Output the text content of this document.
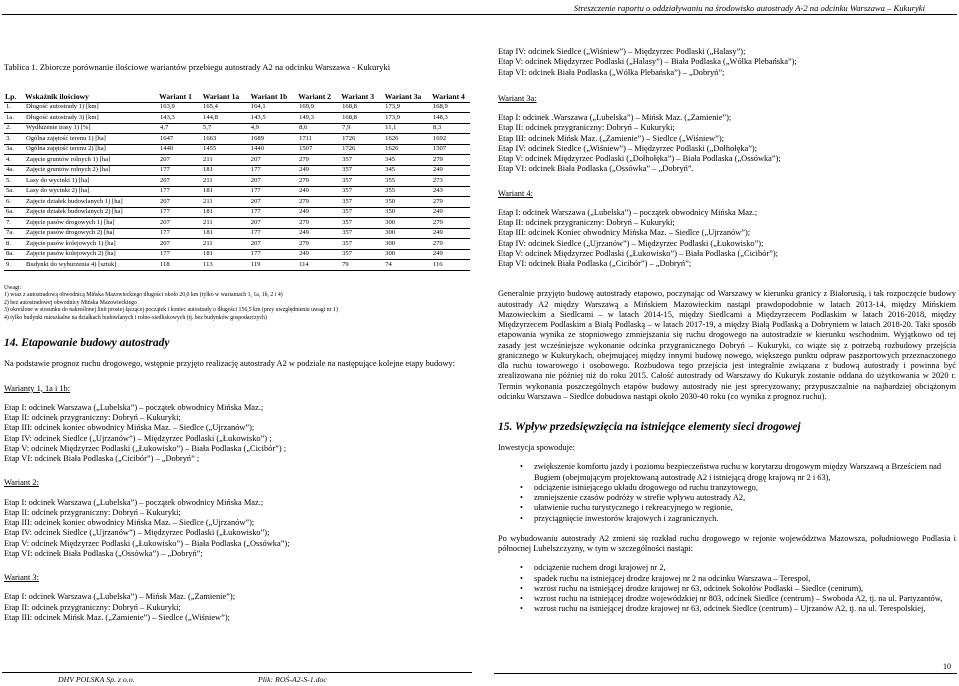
Streszczenie raportu o oddziaływaniu na środowisko autostrady A-2 na odcinku Warszawa – Kukuryki
Tablica 1. Zbiorcze porównanie ilościowe wariantów przebiegu autostrady A2 na odcinku Warszawa - Kukuryki
Lp.	Wskaźnik ilościowy	Wariant 1	Wariant 1a	Wariant 1b	Wariant 2	Wariant 3	Wariant 3a	Wariant 4
1.	Długość autostrady 1) [km]	163,9	165,4	164,1	169,9	168,8	173,9	168,9
1a.	Długość autostrady 3) [km]	143,3	144,8	143,5	149,3	168,8	173,9	148,3
2.	Wydłużenie trasy 1) [%]	4,7	5,7	4,9	8,6	7,9	11,1	8,3
3.	Ogólna zajętość terenu 1) [ha]	1647	1663	1689	1711	1726	1626	1692
3a.	Ogólna zajętość terenu 2) [ha]	1440	1455	1440	1507	1726	1626	1507
4.	Zajęcie gruntów rolnych 1) [ha]	207	211	207	279	357	345	279
4a.	Zajęcie gruntów rolnych 2) [ha]	177	181	177	249	357	345	249
5.	Lasy do wycinki 1) [ha]	207	211	207	279	357	355	273
5a.	Lasy do wycinki 2) [ha]	177	181	177	249	357	355	243
6.	Zajęcie działek budowlanych 1) [ha]	207	211	207	279	357	350	279
6a.	Zajęcie działek budowlanych 2) [ha]	177	181	177	249	357	350	249
7.	Zajęcie pasów drogowych 1) [ha]	207	211	207	279	357	300	279
7a.	Zajęcie pasów drogowych 2) [ha]	177	181	177	249	357	300	249
8.	Zajęcie pasów kolejowych 1) [ha]	207	211	207	279	357	300	279
8a.	Zajęcie pasów kolejowych 2) [ha]	177	181	177	249	357	300	249
9.	Budynki do wyburzenia 4) [sztuk]	118	113	119	114	79	74	116
Uwagi:
1) wraz z autostradową obwodnicą Mińska Mazowieckiego długości około 20,0 km (tylko w wariantach 1, 1a, 1b, 2 i 4)
2) bez autostradowej obwodnicy Mińska Mazowieckiego
3) określone w stosunku do nakreślonej linii prostej łączącej początek i koniec autostrady o długości 156,5 km (przy uwzględnieniu uwagi nr 1)
4) tylko budynki mieszkalne na działkach budowlanych i rolno-siedliskowych (tj. bez budynków gospodarczych)
14. Etapowanie budowy autostrady

Na podstawie prognoz ruchu drogowego, wstępnie przyjęto realizację autostrady A2 w podziale na następujące kolejne etapy budowy:

Warianty 1, 1a i 1b:
Etap I: odcinek Warszawa („Lubelska”) – początek obwodnicy Mińska Maz.;
Etap II: odcinek przygraniczny: Dobryń – Kukuryki;
Etap III: odcinek koniec obwodnicy Mińska Maz. – Siedlce („Ujrzanów”);
Etap IV: odcinek Siedlce („Ujrzanów”) – Międzyrzec Podlaski („Łukowisko”) ;
Etap V: odcinek Międzyrzec Podlaski („Łukowisko”) – Biała Podlaska („Cicibór”) ;
Etap VI: odcinek Biała Podlaska („Cicibór”) – „Dobryń” ;
Wariant 2:
Etap I: odcinek Warszawa („Lubelska”) – początek obwodnicy Mińska Maz.;
Etap II: odcinek przygraniczny: Dobryń – Kukuryki;
Etap III: odcinek koniec obwodnicy Mińska Maz. – Siedlce („Ujrzanów”);
Etap IV: odcinek Siedlce („Ujrzanów”) – Międzyrzec Podlaski („Łukowisko”);
Etap V: odcinek Międzyrzec Podlaski („Łukowisko”) – Biała Podlaska („Ossówka”);
Etap VI: odcinek Biała Podlaska („Ossówka”) – „Dobryń”;
Wariant 3:
Etap I: odcinek Warszawa („Lubelska”) – Mińsk Maz. („Zamienie”);
Etap II: odcinek przygraniczny: Dobryń – Kukuryki;
Etap III: odcinek Mińsk Maz. („Zamienie”) – Siedlce („Wiśniew”);
Etap IV: odcinek Siedlce („Wiśniew”) – Międzyrzec Podlaski („Halasy”);
Etap V: odcinek Międzyrzec Podlaski („Halasy”) – Biała Podlaska („Wólka Plebańska”);
Etap VI: odcinek Biała Podlaska („Wólka Plebańska”) – „Dobryń”;
Wariant 3a:
Etap I: odcinek .Warszawa („Lubelska”) – Mińsk Maz. („Zamienie”);
Etap II: odcinek przygraniczny: Dobryń – Kukuryki;
Etap III: odcinek Mińsk Maz. („Zamienie”) – Siedlce („Wiśniew”);
Etap IV: odcinek Siedlce („Wiśniew”) – Międzyrzec Podlaski („Dołhołęka”);
Etap V: odcinek Międzyrzec Podlaski („Dołhołęka”) – Biała Podlaska („Ossówka”);
Etap VI: odcinek Biała Podlaska („Ossówka” – „Dobryń”.
Wariant 4:
Etap I: odcinek Warszawa („Lubelska”) – początek obwodnicy Mińska Maz.;
Etap II: odcinek przygraniczny: Dobryń – Kukuryki;
Etap III: odcinek Koniec obwodnicy Mińska Maz. – Siedlce („Ujrzanów”);
Etap IV: odcinek Siedlce („Ujrzanów”) – Międzyrzec Podlaski („Łukowisko”);
Etap V: odcinek Międzyrzec Podlaski („Łukowisko”) – Biała Podlaska („Cicibór”);
Etap VI: odcinek Biała Podlaska („Cicibór”) – „Dobryń”;

Generalnie przyjęto budowę autostrady etapowo, poczynając od Warszawy w kierunku granicy z Białorusią, i tak rozpoczęcie budowy autostrady A2 między Warszawą a Mińskiem Mazowieckim nastąpi prawdopodobnie w latach 2013-14, między Mińskiem Mazowieckim a Siedlcami – w latach 2014-15, między Siedlcami a Międzyrzecem Podlaskim w latach 2016-2018, między Międzyrzecem Podlaskim a Białą Podlaską – w latach 2017-19, a między Białą Podlaską a Dobryniem w latach 2018-20. Taki sposób etapowania wynika ze stopniowego zmniejszania się ruchu drogowego na autostradzie w kierunku wschodnim. Wyjątkowo od tej zasady jest wcześniejsze wykonanie odcinka przygranicznego Dobryń – Kukuryki, co wiąże się z potrzebą rozbudowy przejścia granicznego w Kukurykach, obejmującej między innymi budowę nowego, większego punktu odpraw paszportowych przeznaczonego dla ruchu towarowego i osobowego. Rozbudowa tego przejścia jest integralnie związana z budową autostrady i powinna być zrealizowana nie później niż do roku 2015. Całość autostrady od Warszawy do Kukuryk zostanie oddana do użytkowania w 2020 r. Termin wykonania poszczególnych etapów budowy autostrady nie jest sprecyzowany; przypuszczalnie na najbardziej obciążonym odcinku Warszawa – Siedlce dobudowa nastąpi około 2030-40 roku (co wynika z prognoz ruchu).

15. Wpływ przedsięwzięcia na istniejące elementy sieci drogowej

Inwestycja spowoduje:

• zwiększenie komfortu jazdy i poziomu bezpieczeństwa ruchu w korytarzu drogowym między Warszawą a Brześciem nad Bugiem (obejmującym projektowaną autostradę A2 i istniejącą drogę krajową nr 2 i 63),
• odciążenie istniejącego układu drogowego od ruchu tranzytowego,
• zmniejszenie czasów podróży w strefie wpływu autostrady A2,
• ułatwienie ruchu turystycznego i rekreacyjnego w regionie,
• przyciągnięcie inwestorów krajowych i zagranicznych.

Po wybudowaniu autostrady A2 zmieni się rozkład ruchu drogowego w rejonie województwa Mazowsza, południowego Podlasia i północnej Lubelszczyzny, w tym w szczególności nastąpi:

• odciążenie ruchem drogi krajowej nr 2,
• spadek ruchu na istniejącej drodze krajowej nr 2 na odcinku Warszawa – Terespol,
• wzrost ruchu na istniejącej drodze krajowej nr 63, odcinek Sokołów Podlaski – Siedlce (centrum),
• wzrost ruchu na istniejącej drodze wojewódzkiej nr 803, odcinek Siedlce (centrum) – Swoboda A2, tj. na ul. Partyzantów,
• wzrost ruchu na istniejącej drodze krajowej nr 63, odcinek Siedlce (centrum) – Ujrzanów A2, tj. na ul. Terespolskiej,
DHV POLSKA Sp. z o.o.	Plik: ROŚ-A2-S-1.doc
10
